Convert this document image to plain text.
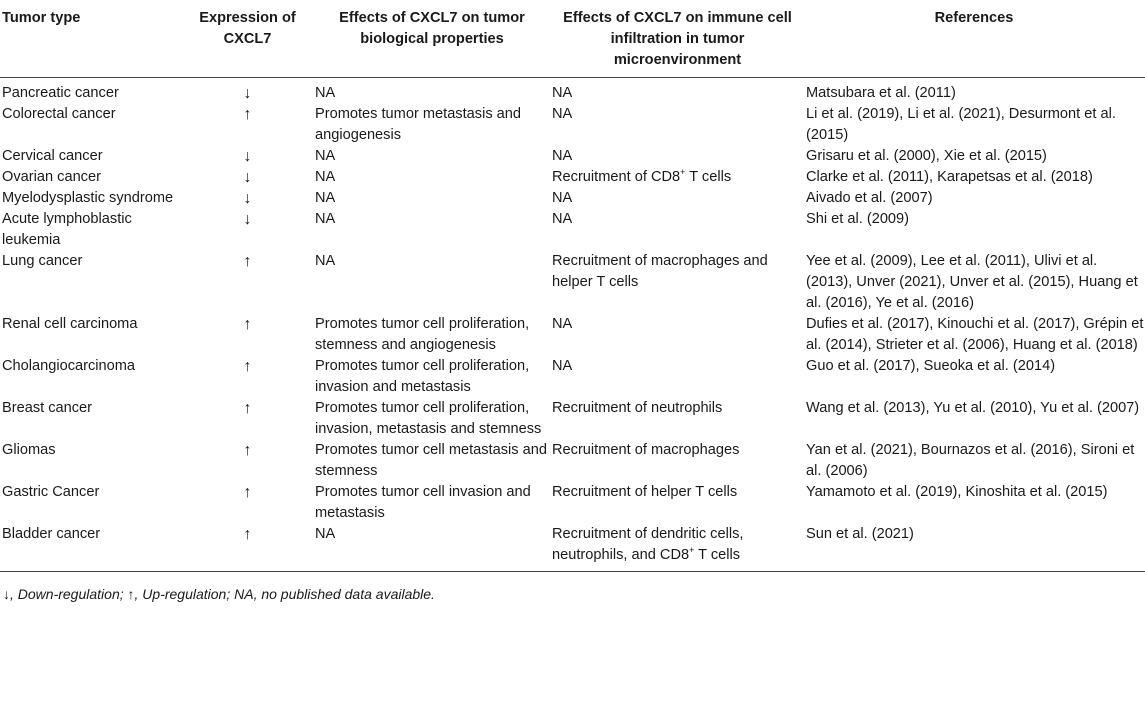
Tumor type	Expression of CXCL7	Effects of CXCL7 on tumor biological properties	Effects of CXCL7 on immune cell infiltration in tumor microenvironment	References
Pancreatic cancer	↓	NA	NA	Matsubara et al. (2011)
Colorectal cancer	↑	Promotes tumor metastasis and angiogenesis	NA	Li et al. (2019), Li et al. (2021), Desurmont et al. (2015)
Cervical cancer	↓	NA	NA	Grisaru et al. (2000), Xie et al. (2015)
Ovarian cancer	↓	NA	Recruitment of CD8+ T cells	Clarke et al. (2011), Karapetsas et al. (2018)
Myelodysplastic syndrome	↓	NA	NA	Aivado et al. (2007)
Acute lymphoblastic leukemia	↓	NA	NA	Shi et al. (2009)
Lung cancer	↑	NA	Recruitment of macrophages and helper T cells	Yee et al. (2009), Lee et al. (2011), Ulivi et al. (2013), Unver (2021), Unver et al. (2015), Huang et al. (2016), Ye et al. (2016)
Renal cell carcinoma	↑	Promotes tumor cell proliferation, stemness and angiogenesis	NA	Dufies et al. (2017), Kinouchi et al. (2017), Grépin et al. (2014), Strieter et al. (2006), Huang et al. (2018)
Cholangiocarcinoma	↑	Promotes tumor cell proliferation, invasion and metastasis	NA	Guo et al. (2017), Sueoka et al. (2014)
Breast cancer	↑	Promotes tumor cell proliferation, invasion, metastasis and stemness	Recruitment of neutrophils	Wang et al. (2013), Yu et al. (2010), Yu et al. (2007)
Gliomas	↑	Promotes tumor cell metastasis and stemness	Recruitment of macrophages	Yan et al. (2021), Bournazos et al. (2016), Sironi et al. (2006)
Gastric Cancer	↑	Promotes tumor cell invasion and metastasis	Recruitment of helper T cells	Yamamoto et al. (2019), Kinoshita et al. (2015)
Bladder cancer	↑	NA	Recruitment of dendritic cells, neutrophils, and CD8+ T cells	Sun et al. (2021)
↓, Down-regulation; ↑, Up-regulation; NA, no published data available.
